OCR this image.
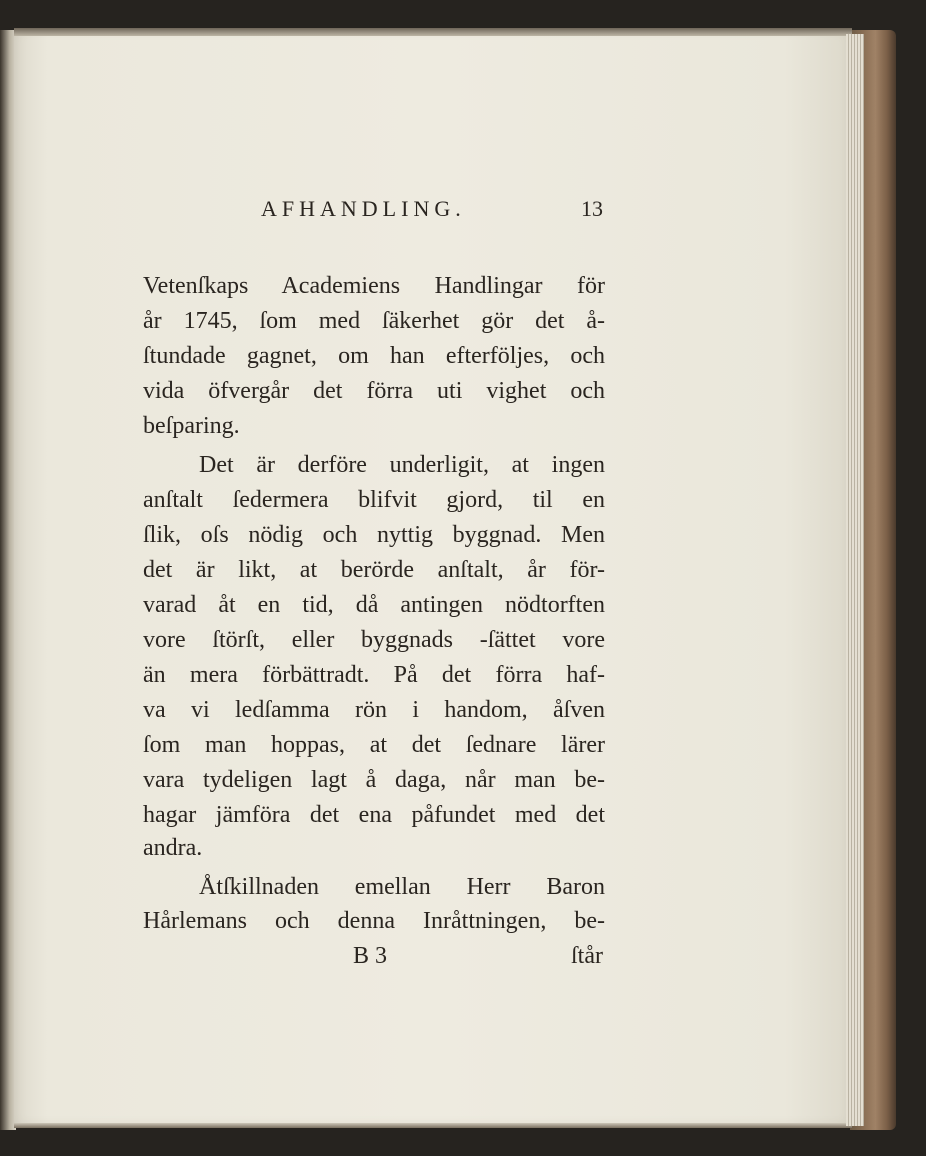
AFHANDLING.	13
Vetenſkaps Academiens Handlingar för
år 1745, ſom med ſäkerhet gör det å-
ſtundade gagnet, om han efterföljes, och
vida öfvergår det förra uti vighet och
beſparing.
Det är derföre underligit, at ingen
anſtalt ſedermera blifvit gjord, til en
ſlik, oſs nödig och nyttig byggnad. Men
det är likt, at berörde anſtalt, år för-
varad åt en tid, då antingen nödtorften
vore ſtörſt, eller byggnads -ſättet vore
än mera förbättradt. På det förra haf-
va vi ledſamma rön i handom, åſven
ſom man hoppas, at det ſednare lärer
vara tydeligen lagt å daga, når man be-
hagar jämföra det ena påfundet med det
andra.
Åtſkillnaden emellan Herr Baron
Hårlemans och denna Inråttningen, be-
B 3	ſtår
